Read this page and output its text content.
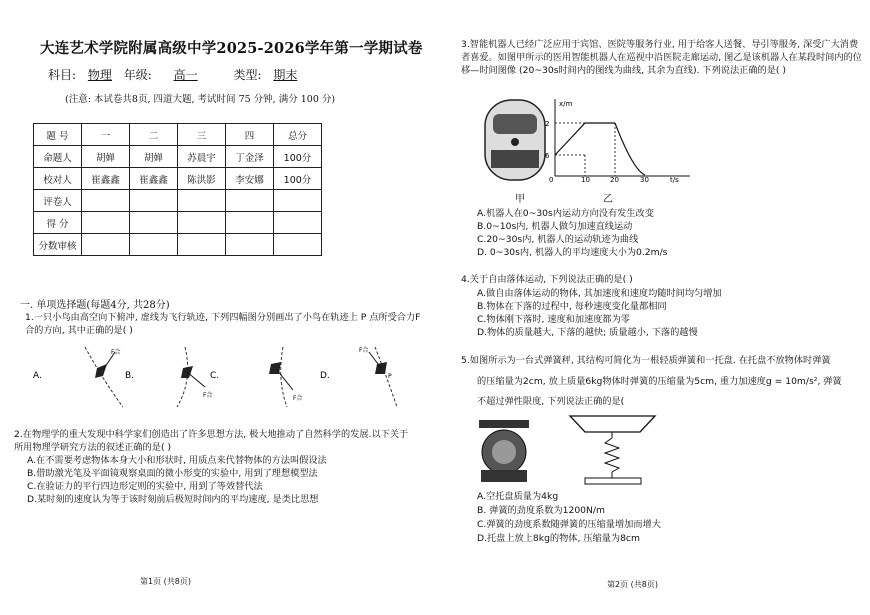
大连艺术学院附属高级中学2025-2026学年第一学期试卷
科目: 物理 年级: 高一	类型: 期末
(注意: 本试卷共8页, 四道大题, 考试时间 75 分钟, 满分 100 分)
题 号	一	二	三	四	总分
命题人	胡婵	胡婵	苏晨宇	丁金泽	100分
校对人	崔鑫鑫	崔鑫鑫	陈洪影	李安娜	100分
评卷人					
得 分					
分数审核					
一. 单项选择题(每题4分, 共28分)
1.一只小鸟由高空向下俯冲, 虚线为飞行轨迹, 下列四幅图分别画出了小鸟在轨迹上 P 点所受合力F合的方向, 其中正确的是( )
A.
F合
B.
F合
C.
F合
D.
F合
P
2.在物理学的重大发现中科学家们创造出了许多思想方法, 极大地推动了自然科学的发展.以下关于所用物理学研究方法的叙述正确的是( )
A.在不需要考虑物体本身大小和形状时, 用质点来代替物体的方法叫假设法
B.借助激光笔及平面镜观察桌面的微小形变的实验中, 用到了理想模型法
C.在验证力的平行四边形定则的实验中, 用到了等效替代法
D.某时刻的速度认为等于该时刻前后极短时间内的平均速度, 是类比思想
第1页 (共8页)
3.智能机器人已经广泛应用于宾馆、医院等服务行业, 用于给客人送餐、导引等服务, 深受广大消费者喜爱。如图甲所示的医用智能机器人在巡视中沿医院走廊运动, 图乙是该机器人在某段时间内的位移—时间图像 (20~30s时间内的图线为曲线, 其余为直线). 下列说法正确的是( )
甲
x/m
t/s
2
6
0	10	20	30
乙
A.机器人在0~30s内运动方向没有发生改变
B.0~10s内, 机器人做匀加速直线运动
C.20~30s内, 机器人的运动轨迹为曲线
D. 0~30s内, 机器人的平均速度大小为0.2m/s
4.关于自由落体运动, 下列说法正确的是( )
A.做自由落体运动的物体, 其加速度和速度均随时间均匀增加
B.物体在下落的过程中, 每秒速度变化量都相同
C.物体刚下落时, 速度和加速度都为零
D.物体的质量越大, 下落的越快; 质量越小, 下落的越慢
5.如图所示为一台式弹簧秤, 其结构可简化为一根轻质弹簧和一托盘. 在托盘不放物体时弹簧
的压缩量为2cm, 放上质量6kg物体时弹簧的压缩量为5cm, 重力加速度g = 10m/s², 弹簧
不超过弹性限度, 下列说法正确的是(
A.空托盘质量为4kg
B. 弹簧的劲度系数为1200N/m
C.弹簧的劲度系数随弹簧的压缩量增加而增大
D.托盘上放上8kg的物体, 压缩量为8cm
第2页 (共8页)
